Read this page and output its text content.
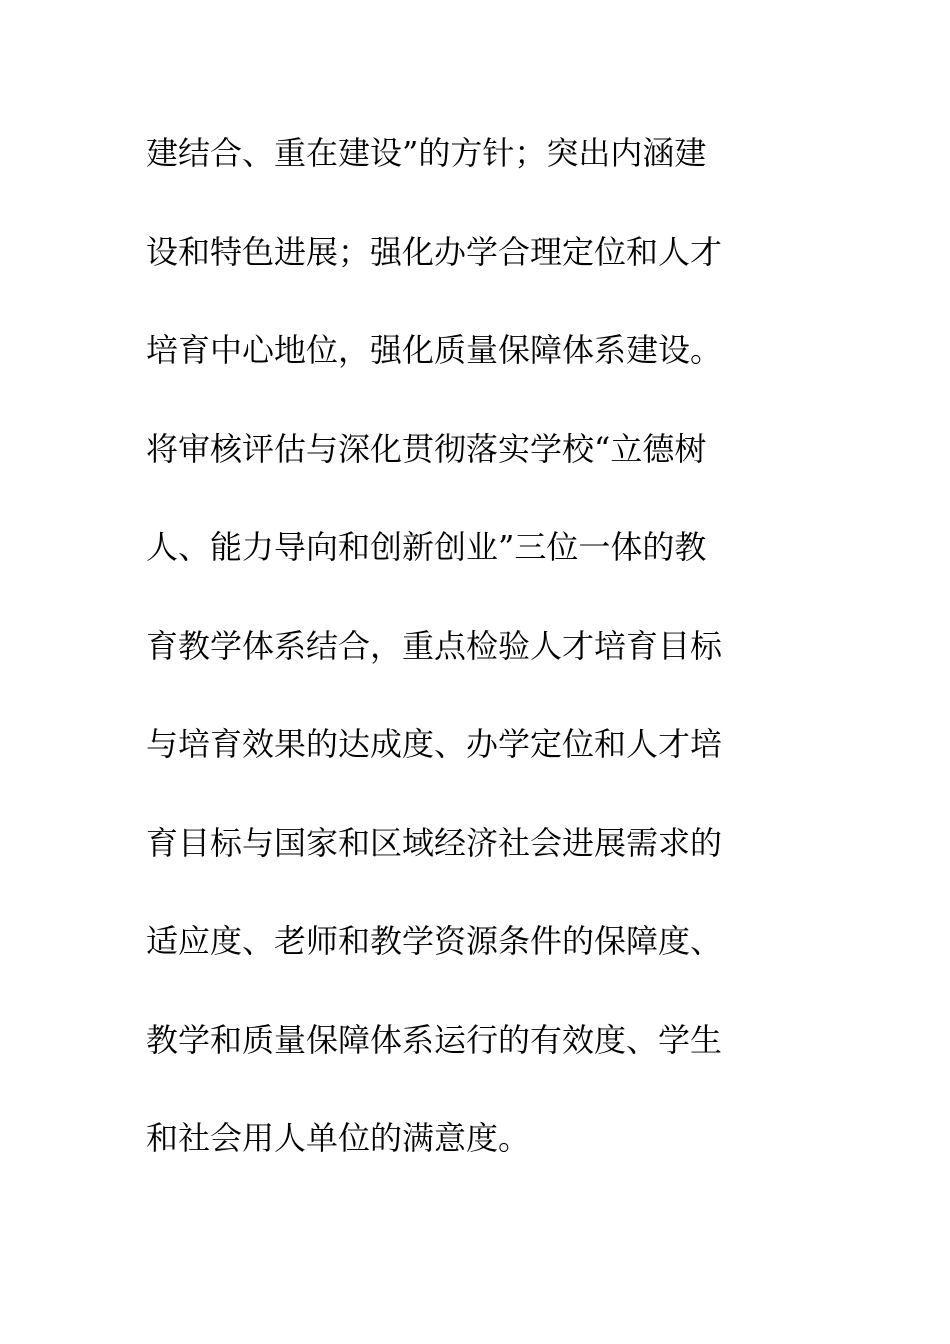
建结合、重在建设”的方针；突出内涵建
设和特色进展；强化办学合理定位和人才
培育中心地位，强化质量保障体系建设。
将审核评估与深化贯彻落实学校“立德树
人、能力导向和创新创业”三位一体的教
育教学体系结合，重点检验人才培育目标
与培育效果的达成度、办学定位和人才培
育目标与国家和区域经济社会进展需求的
适应度、老师和教学资源条件的保障度、
教学和质量保障体系运行的有效度、学生
和社会用人单位的满意度。
